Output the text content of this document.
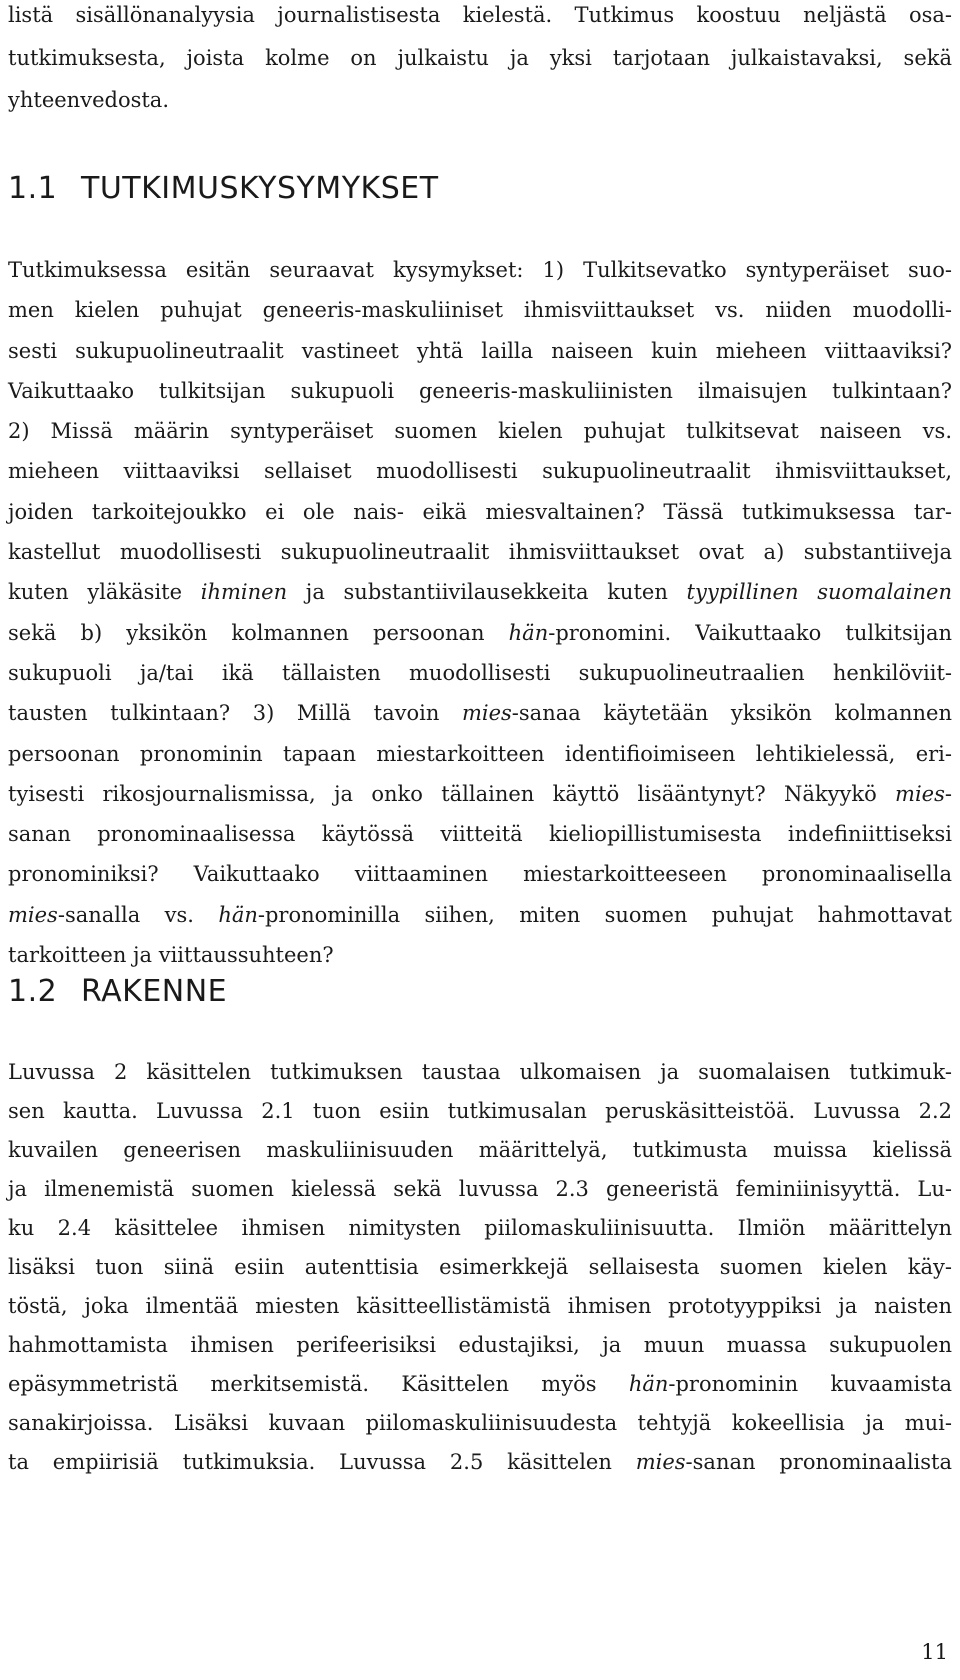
listä sisällönanalyysia journalistisesta kielestä. Tutkimus koostuu neljästä osa-
tutkimuksesta, joista kolme on julkaistu ja yksi tarjotaan julkaistavaksi, sekä
yhteenvedosta.
1.1 TUTKIMUSKYSYMYKSET
Tutkimuksessa esitän seuraavat kysymykset: 1) Tulkitsevatko syntyperäiset suo-
men kielen puhujat geneeris-maskuliiniset ihmisviittaukset vs. niiden muodolli-
sesti sukupuolineutraalit vastineet yhtä lailla naiseen kuin mieheen viittaaviksi?
Vaikuttaako tulkitsijan sukupuoli geneeris-maskuliinisten ilmaisujen tulkintaan?
2) Missä määrin syntyperäiset suomen kielen puhujat tulkitsevat naiseen vs.
mieheen viittaaviksi sellaiset muodollisesti sukupuolineutraalit ihmisviittaukset,
joiden tarkoitejoukko ei ole nais- eikä miesvaltainen? Tässä tutkimuksessa tar-
kastellut muodollisesti sukupuolineutraalit ihmisviittaukset ovat a) substantiiveja
kuten yläkäsite ihminen ja substantiivilausekkeita kuten tyypillinen suomalainen
sekä b) yksikön kolmannen persoonan hän-pronomini. Vaikuttaako tulkitsijan
sukupuoli ja/tai ikä tällaisten muodollisesti sukupuolineutraalien henkilöviit-
tausten tulkintaan? 3) Millä tavoin mies-sanaa käytetään yksikön kolmannen
persoonan pronominin tapaan miestarkoitteen identifioimiseen lehtikielessä, eri-
tyisesti rikosjournalismissa, ja onko tällainen käyttö lisääntynyt? Näkyykö mies-
sanan pronominaalisessa käytössä viitteitä kieliopillistumisesta indefiniittiseksi
pronominiksi? Vaikuttaako viittaaminen miestarkoitteeseen pronominaalisella
mies-sanalla vs. hän-pronominilla siihen, miten suomen puhujat hahmottavat
tarkoitteen ja viittaussuhteen?
1.2 RAKENNE
Luvussa 2 käsittelen tutkimuksen taustaa ulkomaisen ja suomalaisen tutkimuk-
sen kautta. Luvussa 2.1 tuon esiin tutkimusalan peruskäsitteistöä. Luvussa 2.2
kuvailen geneerisen maskuliinisuuden määrittelyä, tutkimusta muissa kielissä
ja ilmenemistä suomen kielessä sekä luvussa 2.3 geneeristä feminiinisyyttä. Lu-
ku 2.4 käsittelee ihmisen nimitysten piilomaskuliinisuutta. Ilmiön määrittelyn
lisäksi tuon siinä esiin autenttisia esimerkkejä sellaisesta suomen kielen käy-
töstä, joka ilmentää miesten käsitteellistämistä ihmisen prototyyppiksi ja naisten
hahmottamista ihmisen perifeerisiksi edustajiksi, ja muun muassa sukupuolen
epäsymmetristä merkitsemistä. Käsittelen myös hän-pronominin kuvaamista
sanakirjoissa. Lisäksi kuvaan piilomaskuliinisuudesta tehtyjä kokeellisia ja mui-
ta empiirisiä tutkimuksia. Luvussa 2.5 käsittelen mies-sanan pronominaalista
11
